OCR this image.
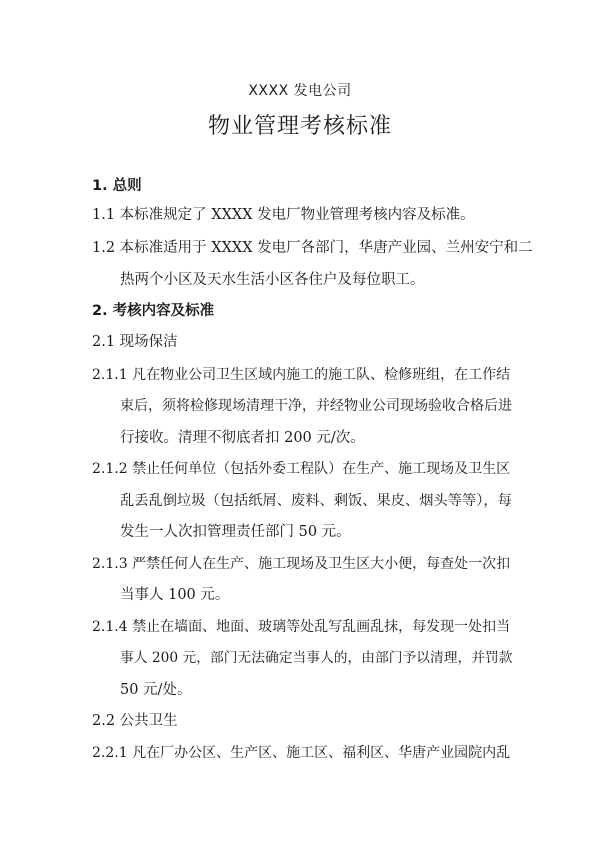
XXXX 发电公司
物业管理考核标准
1. 总则
1.1 本标准规定了 XXXX 发电厂物业管理考核内容及标准。
1.2 本标准适用于 XXXX 发电厂各部门，华唐产业园、兰州安宁和二
热两个小区及天水生活小区各住户及每位职工。
2. 考核内容及标准
2.1 现场保洁
2.1.1 凡在物业公司卫生区域内施工的施工队、检修班组，在工作结
束后，须将检修现场清理干净，并经物业公司现场验收合格后进
行接收。清理不彻底者扣 200 元/次。
2.1.2 禁止任何单位（包括外委工程队）在生产、施工现场及卫生区
乱丢乱倒垃圾（包括纸屑、废料、剩饭、果皮、烟头等等），每
发生一人次扣管理责任部门 50 元。
2.1.3 严禁任何人在生产、施工现场及卫生区大小便，每查处一次扣
当事人 100 元。
2.1.4 禁止在墙面、地面、玻璃等处乱写乱画乱抹，每发现一处扣当
事人 200 元，部门无法确定当事人的，由部门予以清理，并罚款
50 元/处。
2.2 公共卫生
2.2.1 凡在厂办公区、生产区、施工区、福利区、华唐产业园院内乱
